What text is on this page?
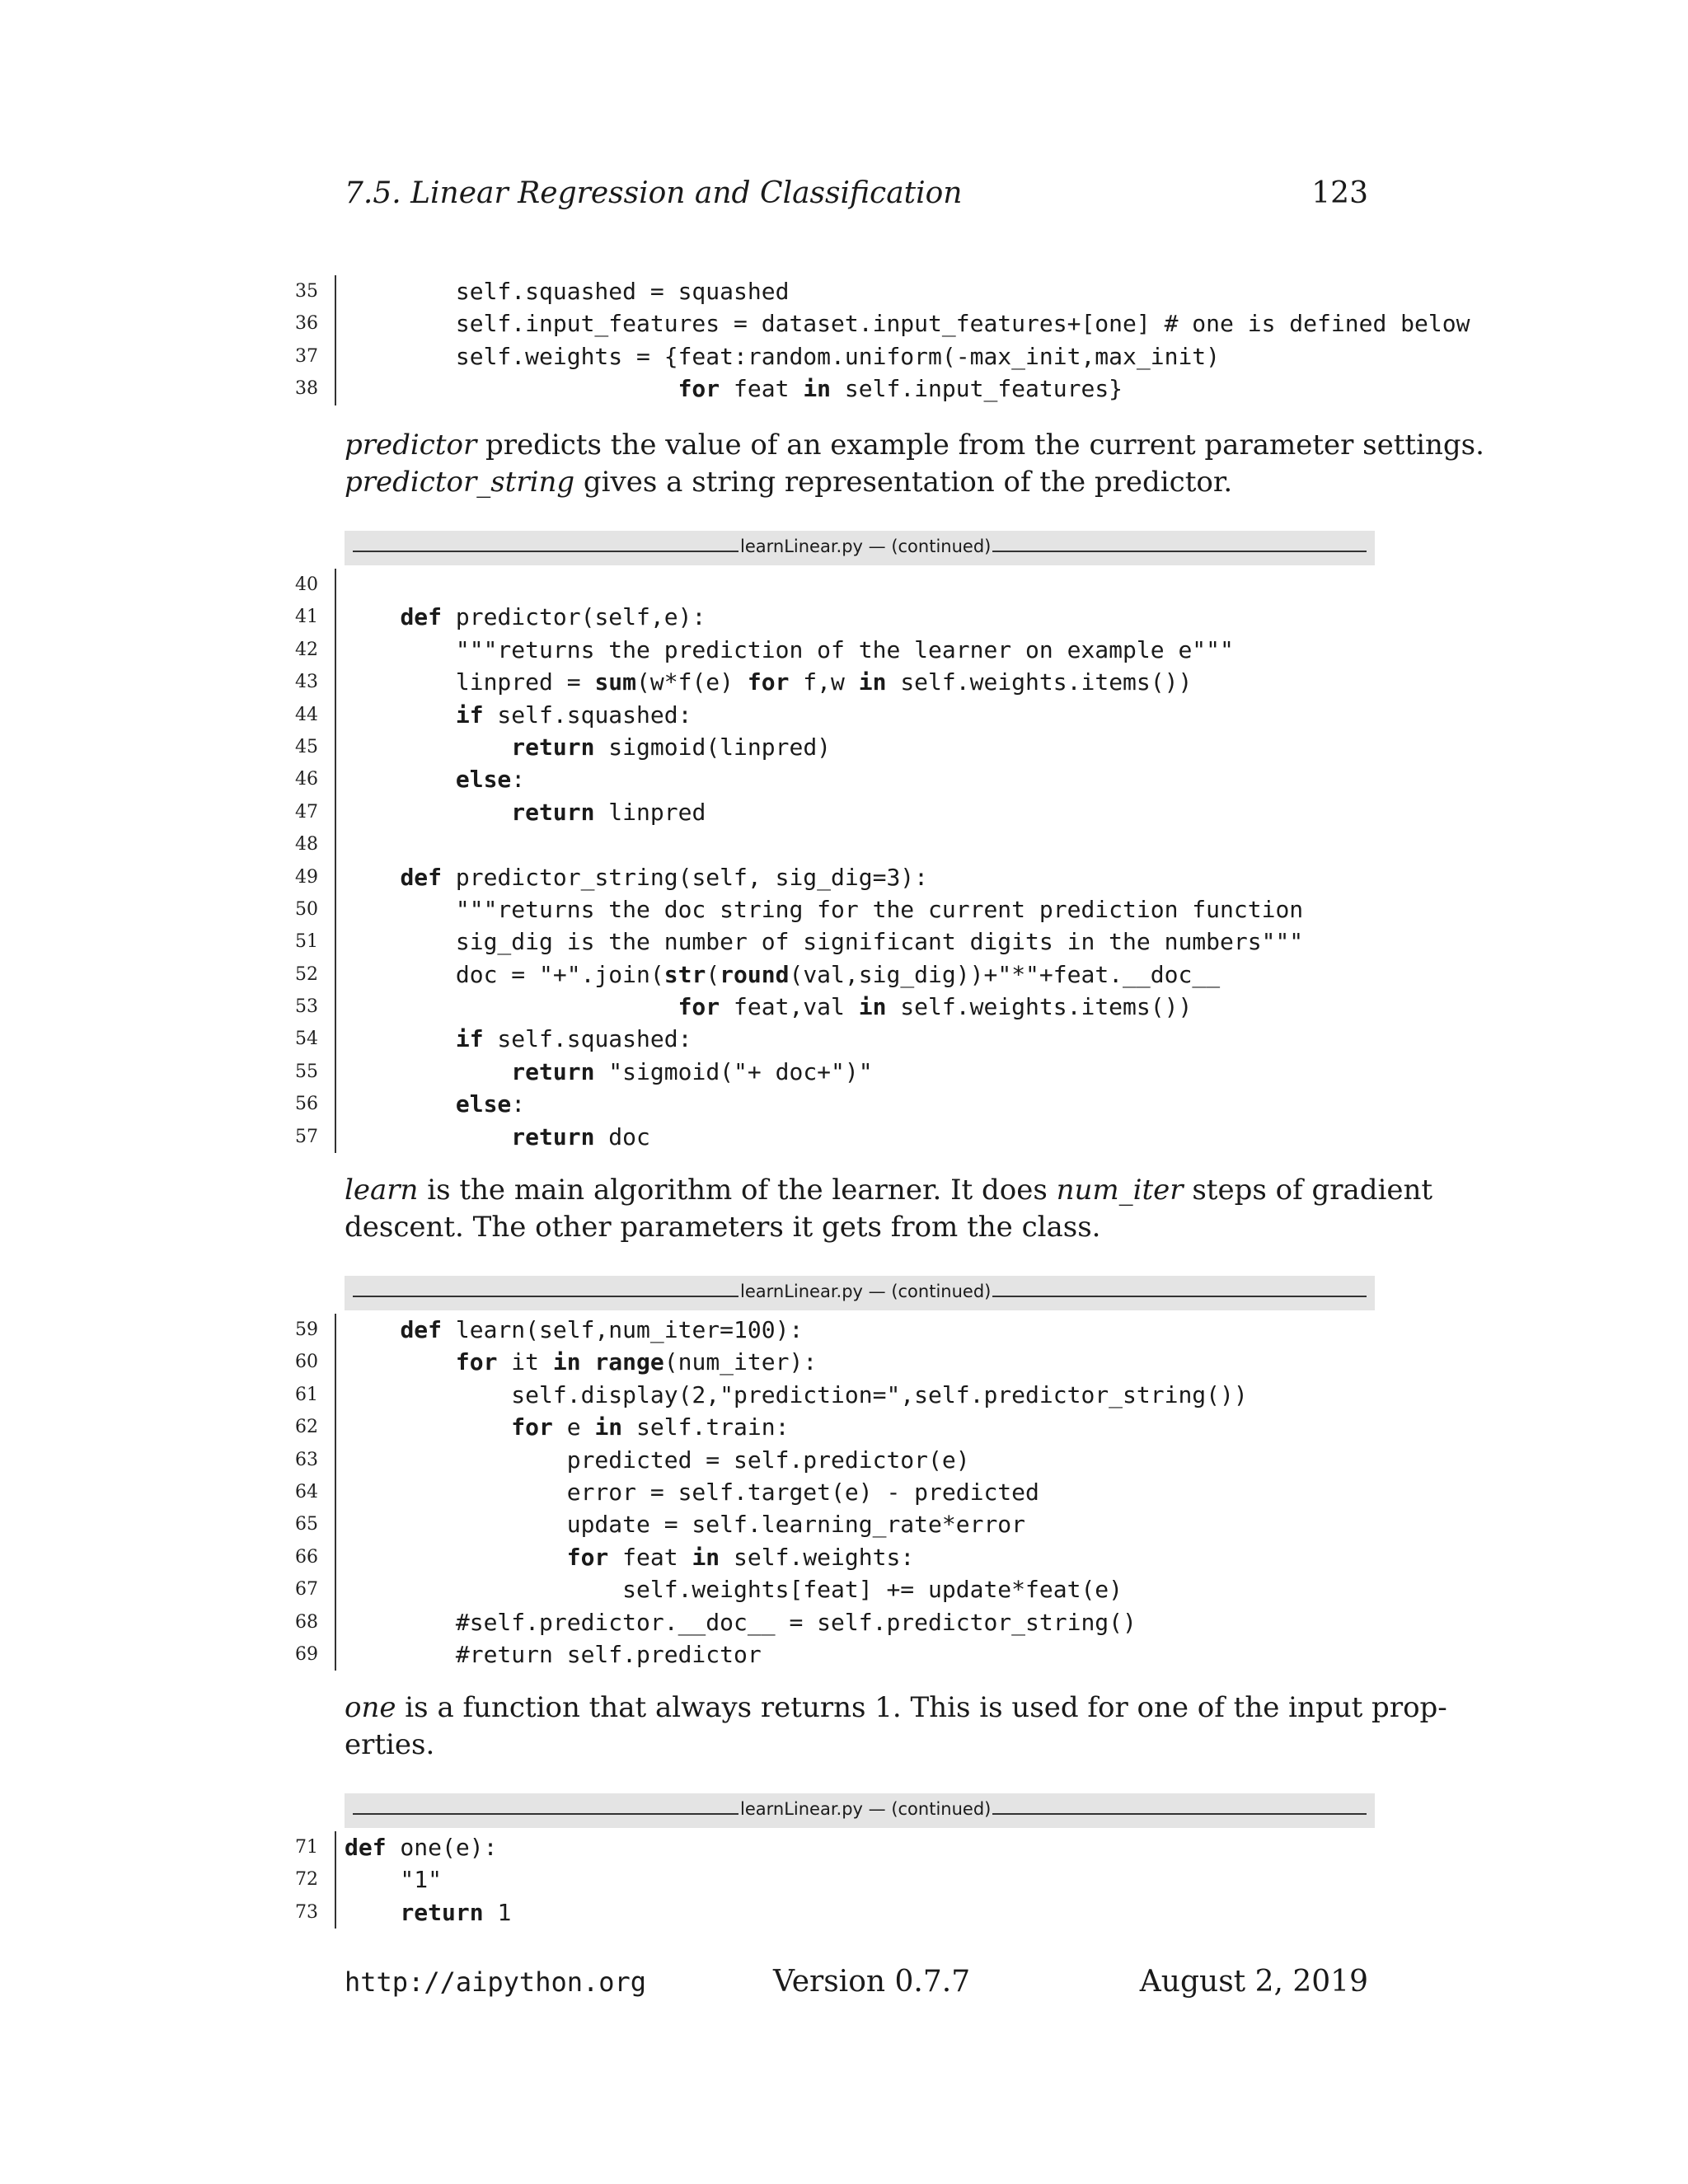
7.5. Linear Regression and Classification	123
35 self.squashed = squashed
36 self.input_features = dataset.input_features+[one] # one is defined below
37 self.weights = {feat:random.uniform(-max_init,max_init)
38	for feat in self.input_features}
predictor predicts the value of an example from the current parameter settings.
predictor_string gives a string representation of the predictor.
learnLinear.py — (continued)
40
41	def predictor(self,e):
42 """returns the prediction of the learner on example e"""
43 linpred = sum(w*f(e) for f,w in self.weights.items())
44	if self.squashed:
45	return sigmoid(linpred)
46	else:
47	return linpred
48
49	def predictor_string(self, sig_dig=3):
50 """returns the doc string for the current prediction function
51 sig_dig is the number of significant digits in the numbers"""
52 doc = "+".join(str(round(val,sig_dig))+"*"+feat.__doc__
53	for feat,val in self.weights.items())
54	if self.squashed:
55	return "sigmoid("+ doc+")"
56	else:
57	return doc
learn is the main algorithm of the learner. It does num_iter steps of gradient
descent. The other parameters it gets from the class.
learnLinear.py — (continued)
59	def learn(self,num_iter=100):
60	for it in range(num_iter):
61 self.display(2,"prediction=",self.predictor_string())
62	for e in self.train:
63 predicted = self.predictor(e)
64 error = self.target(e) - predicted
65 update = self.learning_rate*error
66	for feat in self.weights:
67 self.weights[feat] += update*feat(e)
68 #self.predictor.__doc__ = self.predictor_string()
69 #return self.predictor
one is a function that always returns 1. This is used for one of the input prop-
erties.
learnLinear.py — (continued)
71 def one(e):
72 "1"
73	return 1
http://aipython.org	Version 0.7.7	August 2, 2019
